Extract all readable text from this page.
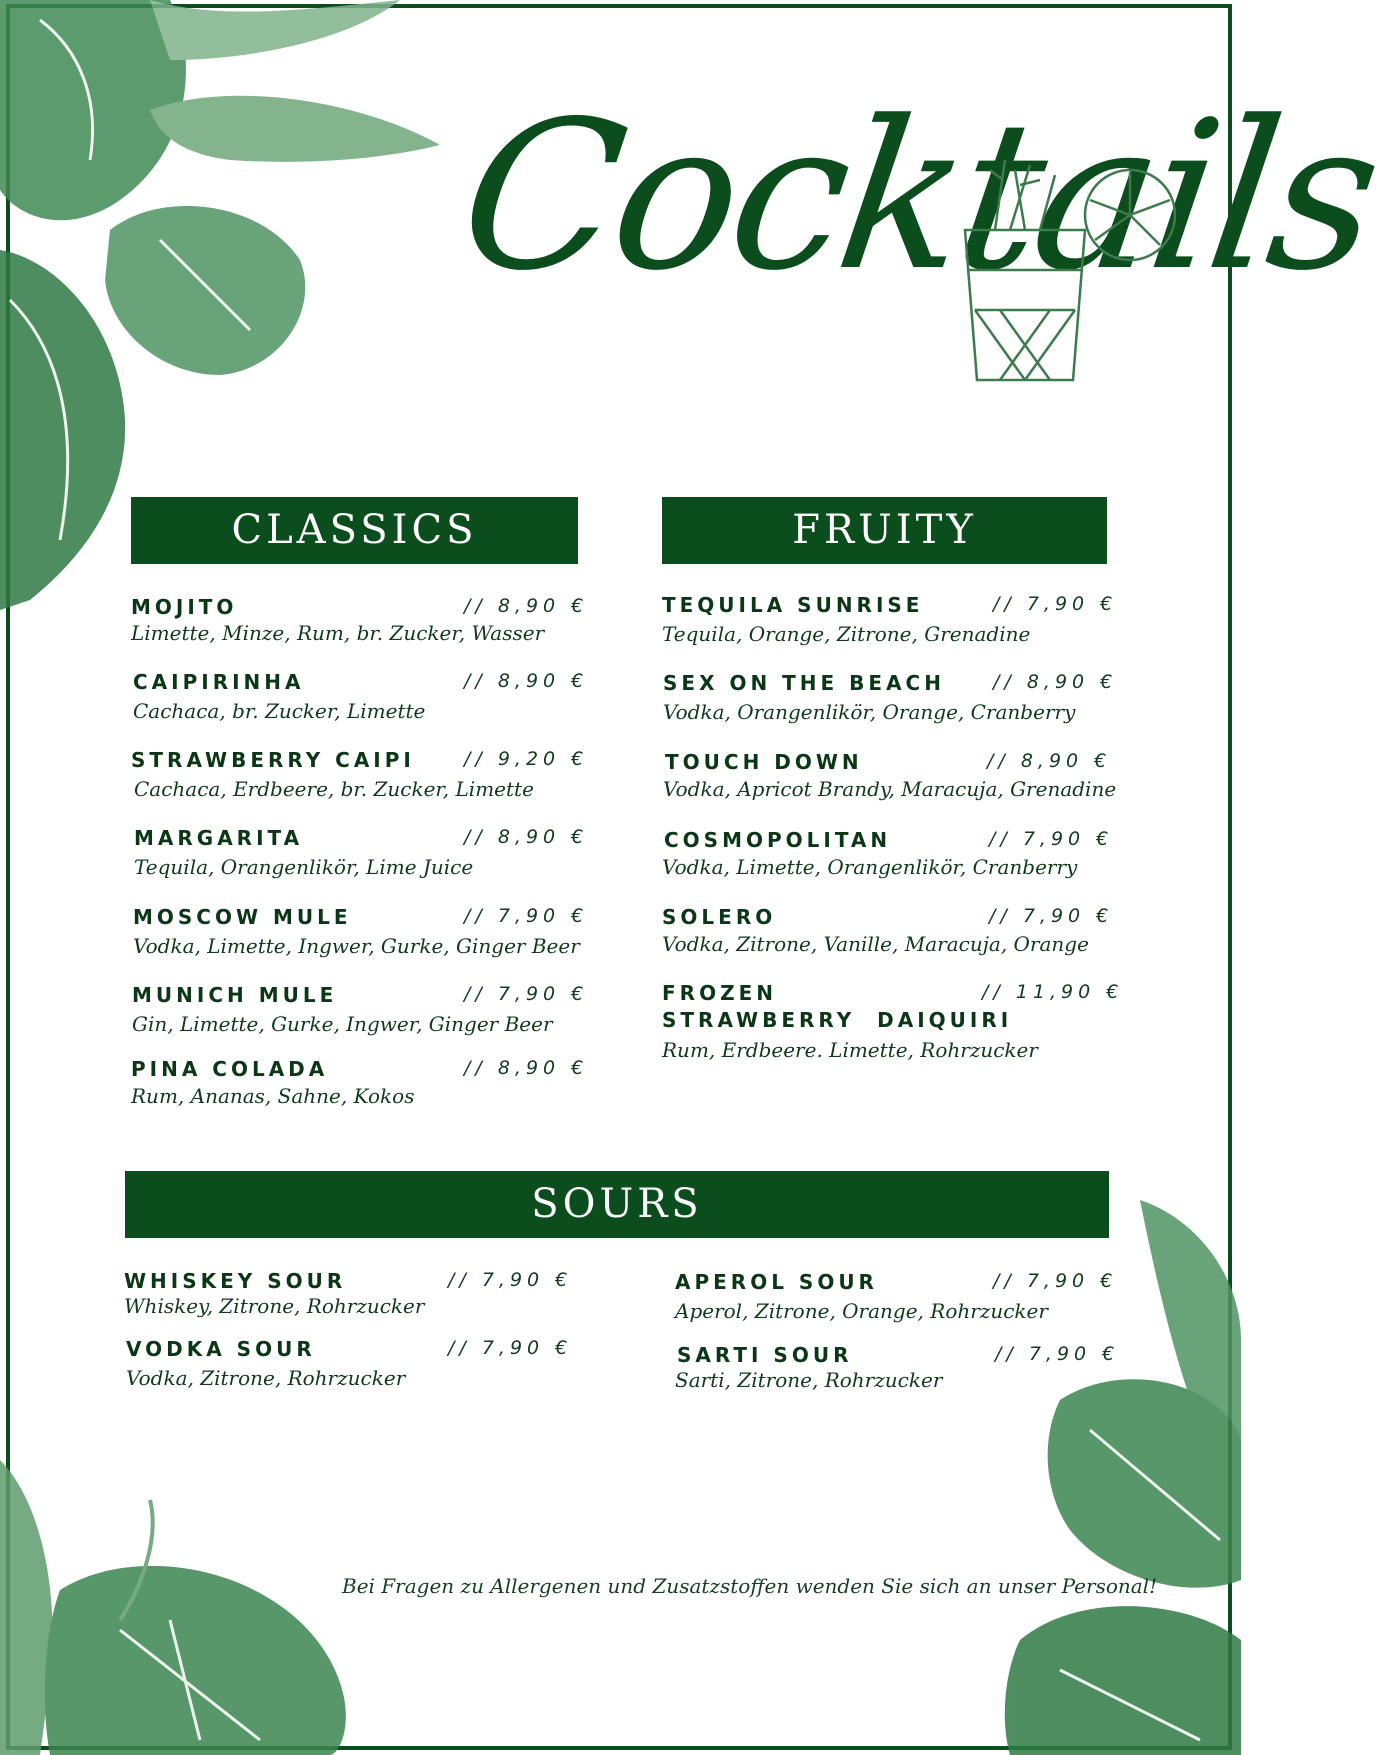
Cocktails
CLASSICS	FRUITY
SOURS
MOJITO	// 8,90 €
Limette, Minze, Rum, br. Zucker, Wasser
CAIPIRINHA	// 8,90 €
Cachaca, br. Zucker, Limette
STRAWBERRY CAIPI	// 9,20 €
Cachaca, Erdbeere, br. Zucker, Limette
MARGARITA	// 8,90 €
Tequila, Orangenlikör, Lime Juice
MOSCOW MULE	// 7,90 €
Vodka, Limette, Ingwer, Gurke, Ginger Beer
MUNICH MULE	// 7,90 €
Gin, Limette, Gurke, Ingwer, Ginger Beer
PINA COLADA	// 8,90 €
Rum, Ananas, Sahne, Kokos
TEQUILA SUNRISE	// 7,90 €
Tequila, Orange, Zitrone, Grenadine
SEX ON THE BEACH	// 8,90 €
Vodka, Orangenlikör, Orange, Cranberry
TOUCH DOWN	// 8,90 €
Vodka, Apricot Brandy, Maracuja, Grenadine
COSMOPOLITAN	// 7,90 €
Vodka, Limette, Orangenlikör, Cranberry
SOLERO	// 7,90 €
Vodka, Zitrone, Vanille, Maracuja, Orange
FROZEN
STRAWBERRY  DAIQUIRI
// 11,90 €
Rum, Erdbeere. Limette, Rohrzucker
WHISKEY SOUR	// 7,90 €
Whiskey, Zitrone, Rohrzucker
VODKA SOUR	// 7,90 €
Vodka, Zitrone, Rohrzucker
APEROL SOUR	// 7,90 €
Aperol, Zitrone, Orange, Rohrzucker
SARTI SOUR	// 7,90 €
Sarti, Zitrone, Rohrzucker
Bei Fragen zu Allergenen und Zusatzstoffen wenden Sie sich an unser Personal!
